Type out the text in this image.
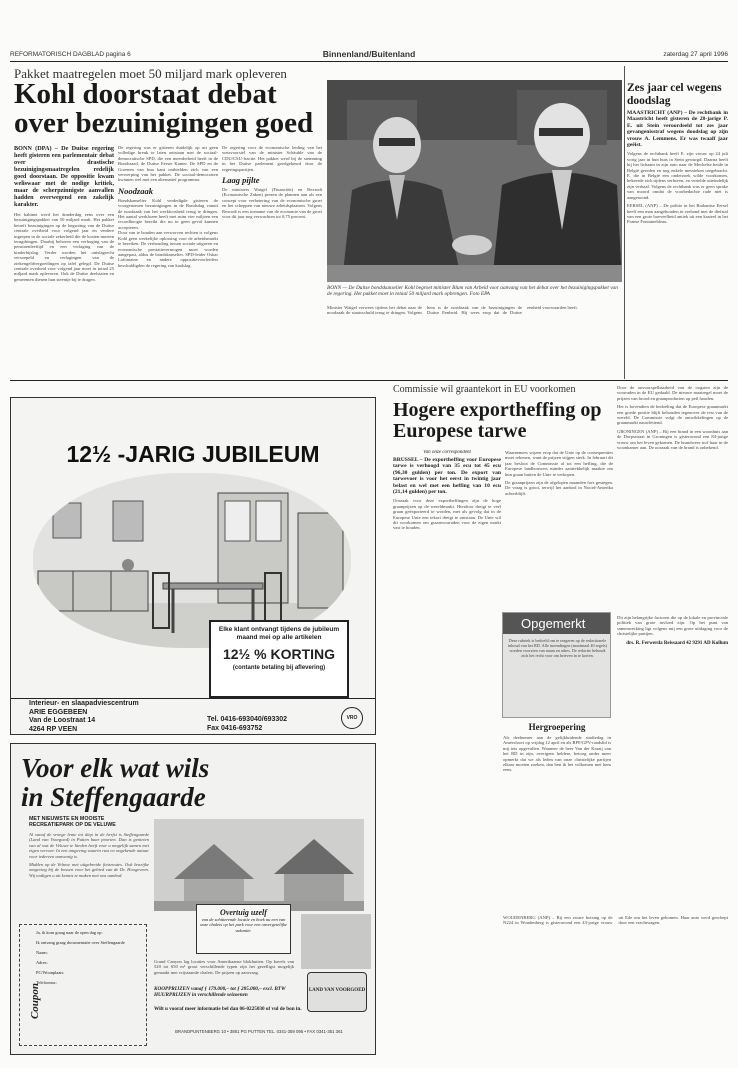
REFORMATORISCH DAGBLAD pagina 6	Binnenland/Buitenland	zaterdag 27 april 1996
Pakket maatregelen moet 50 miljard mark opleveren
Kohl doorstaat debat over bezuinigingen goed

BONN (DPA) – De Duitse regering heeft gisteren een parlementair debat over drastische bezuinigingsmaatregelen redelijk goed doorstaan. De oppositie kwam weliswaar met de nodige kritiek, maar de scherpzinnigste aanvallen hadden overwegend een zakelijk karakter.

Het kabinet werd het donderdag eens over een bezuinigingspakket van 50 miljard mark. Het pakket betreft bezuinigingen op de begroting van de Duitse centrale overheid voor volgend jaar en verdere ingrepen in de sociale zekerheid die de kosten moeten terugdringen. Daarbij behoren een verhoging van de pensioenleeftijd en een verlaging van de kinderbijslag. Verder worden het ontslagrecht versoepeld en verlagingen van de ziekengeldvergoedingen op tafel gelegd. De Duitse centrale overheid voor volgend jaar moet in totaal 25 miljard mark opleveren. Ook de Duitse deelstaten en gemeenten dienen hun steentje bij te dragen.

De regering was er gisteren duidelijk op uit geen volledige breuk te laten ontstaan met de sociaal-democratische SPD, die een meerderheid heeft in de Bondsraad, de Duitse Eerste Kamer. De SPD en de Groenen van hun kant onthielden zich van een verwerping van het pakket. De sociaal-democraten kwamen wel met een alternatief programma.

Noodzaak

Bondskanselier Kohl verdedigde gisteren de voorgenomen bezuinigingen in de Bondsdag vanuit de noodzaak van het werkloosheid terug te dringen. Het aantal werklozen heeft met ruim vier miljoen een recordhoogte bereikt die nu in geen geval kunnen accepteren.

Door van te houden aan verworven rechten is volgens Kohl geen werkelijke oplossing voor de arbeidsmarkt te bereiken. De verhouding tussen sociale uitgaven en economische prestatievermogen moet worden aangepast, aldus de bondskanselier. SPD-leider Oskar Lafontaine en andere oppositievoorleiders beschuldigden de regering van kaalslag.

De regering voor de economische leiding van het wetsvoorstel van de minister Schäuble van de CDU/CSU-fractie. Het pakket werd bij de stemming in het Duitse parlement goedgekeurd door de regeringspartijen.

Laag pijlte

De ministers Waigel (Financiën) en Rexrodt (Economische Zaken) prezen de plannen aan als een concept voor verbetering van de economische groei en het scheppen van nieuwe arbeidsplaatsen. Volgens Rexrodt is een toename van de economie van de groei voor dit jaar nog verwachten tot 0,75 procent.

Minister Waigel verwees tijdens het debat naar de noodzaak de staatsschuld terug te dringen. Volgens hem is de noodzaak van de bezuinigingen de Duitse Eenheid. Hij wees erop dat de Duitse eenheid voorwaarden heeft.

BONN — De Duitse bondskanselier Kohl begroet minister Blum van Arbeid voor aanvang van het debat over het bezuinigingspakket van de regering. Het pakket moet in totaal 50 miljard mark opbrengen. Foto EPA
Zes jaar cel wegens doodslag

MAASTRICHT (ANP) – De rechtbank in Maastricht heeft gisteren de 28-jarige P. E. uit Stein veroordeeld tot zes jaar gevangenisstraf wegens doodslag op zijn vrouw A. Lemmens. Er was twaalf jaar geëist.

Volgens de rechtbank heeft E. zijn vrouw op 24 juli vorig jaar in hun huis in Stein gewurgd. Daarna heeft hij het lichaam in zijn auto naar de Mechelse heide in België gereden en nog enkele messteken toegebracht. E. die in België een onderzoek wilde voorkomen, bekeerde zich tijdens verhoren, en vertelde uiteindelijk zijn verhaal. Volgens de rechtbank was er geen sprake van moord omdat de voorbedachte rade niet is aangetoond.

EERSEL (ANP) – De politie in het Brabantse Eersel heeft een man aangehouden in verband met de diefstal van een grote hoeveelheid antiek uit een kasteel in het Franse Fontainebleau.

12½ -JARIG JUBILEUM
Elke klant ontvangt tijdens de jubileum maand mei op alle artikelen
12½ % KORTING
(contante betaling bij aflevering)
Interieur- en slaapadviescentrum
ARIE EGGEBEEN
Van de Loostraat 14
4264 RP VEEN
Tel. 0416-693040/693302
Fax 0416-693752
VRO
Voor elk wat wils
in Steffengaarde
MET NIEUWSTE EN MOOISTE RECREATIEPARK OP DE VELUWE

Al vanaf de vroege lente tot diep in de herfst is Steffengaarde (Land van Voorgoed) in Putten haar poorten. Dan is genieten van al wat de Veluwe te bieden heeft voor u mogelijk samen met eigen vervoer. In een omgeving waarin rust en ongekende natuur voor iedereen aanwezig is.

Midden op de Veluwe met uitgebreide fietsroutes. Ook bosrijke omgeving bij de bossen voor het gebied van de Dr. Hoogeveen. Wij nodigen u uit kennis te maken met ons aanbod.

Overtuig uzelf
van de schitterende locatie en boek nu een van onze chalets op het park voor een onvergetelijke vakantie.
Grand Canyon lag locaties voor Amerikaanse blokhutten. Op kavels van 520 tot 650 m² groot verschillende typen zijn het gezelligst mogelijk gemaakt met vrijstaande chalets. De prijzen op aanvraag.
KOOPPRIJZEN vanaf ƒ 179.000,– tot ƒ 285.000,– excl. BTW
HUURPRIJZEN in verschillende seizoenen
Wilt u vooraf meer informatie bel dan 06-0225030 of vul de bon in.
LAND VAN VOORGOED
BRANDPUNTENBERG 10 • 3881 PG PUTTEN TEL. 0341-359 095 • FAX 0341-351 361
Coupon
Ja, ik kom graag naar de open dag op:
Ik ontvang graag documentatie over Steffengaarde
Naam:
Adres:
PC/Woonplaats:
Telefoonnr.:
Commissie wil graantekort in EU voorkomen
Hogere exportheffing op Europese tarwe

Van onze correspondent

BRUSSEL – De exportheffing voor Europese tarwe is verhoogd van 35 ecu tot 45 ecu (96,30 gulden) per ton. De export van tarwevoer is voor het eerst in twintig jaar belast en wel met een heffing van 10 ecu (21,14 gulden) per ton.

Oorzaak voor deze exportheffingen zijn de hoge graanprijzen op de wereldmarkt. Hierdoor dreigt te veel graan geëxporteerd te worden, met als gevolg dat in de Europese Unie een tekort dreigt te ontstaan. De Unie wil dit voorkomen om graanvoorraden voor de eigen markt vast te houden.

Waarnemers wijzen erop dat de Unie op de consequenties moet rekenen, want de prijzen stijgen sterk. In februari dit jaar besloot de Commissie al tot een heffing, die de Europese landbouwers minder aantrekkelijk maakte om hun graan buiten de Unie te verkopen.

De graanprijzen zijn de afgelopen maanden fors gestegen. De vraag is groot, terwijl het aanbod in Noord-Amerika achterblijft.

Door de onvoorspelbaarheid van de oogsten zijn de voorraden in de EU gedaald. De nieuwe maatregel moet de prijzen van brood en graanproducten op peil houden.

Het is bovendien de bedoeling dat de Europese graanmarkt een goede positie blijft behouden tegenover de rest van de wereld. De Commissie volgt de ontwikkelingen op de graanmarkt nauwlettend.

GRONINGEN (ANP) – Bij een brand in een woonhuis aan de Dorpsstraat in Groningen is gisteravond een 84-jarige vrouw om het leven gekomen. De brandweer trof haar in de woonkamer aan. De oorzaak van de brand is onbekend.

Opgemerkt
Deze rubriek is bedoeld om te reageren op de redactionele inhoud van het RD. Alle inzendingen (maximaal 40 regels) worden voorzien van naam en adres. De redactie behoudt zich het recht voor om brieven in te korten.

Hergroepering

Als deelnemer aan de gelijkluidende studiedag in Amersfoort op vrijdag 12 april en als RPF/GPV-raadslid is mij iets opgevallen. Wanneer de heer Van der Kraaij van het RD in zijn, overigens heldere, betoog onder meer opmerkt dat we als leden van onze christelijke partijen elkaar moeten zoeken, dan ben ik het volkomen met hem eens.

Dit zijn belangrijke factoren die op de lokale en provinciale politiek van grote invloed zijn. Op het punt van samenwerking ligt volgens mij een grote uitdaging voor de christelijke partijen.

drs. R. Ferwerda Reissaard 42 9291 AD Kollum

WOUDENBERG (ANP) – Bij een zware botsing op de N224 in Woudenberg is gisteravond een 43-jarige vrouw uit Ede om het leven gekomen. Haar auto werd geschept door een vrachtwagen.
